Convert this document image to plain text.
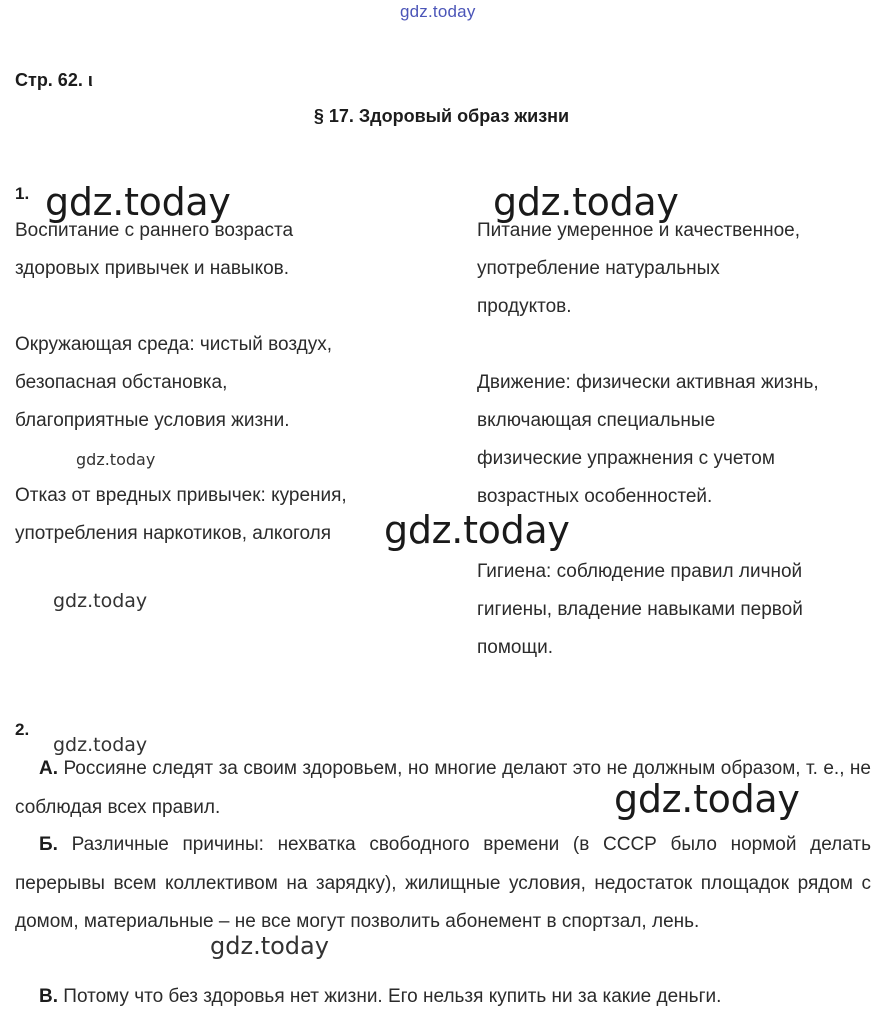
gdz.today
Стр. 62. ι
§ 17. Здоровый образ жизни
1.

Воспитание с раннего возраста

здоровых привычек и навыков.

Окружающая среда: чистый воздух,

безопасная обстановка,

благоприятные условия жизни.

Отказ от вредных привычек: курения,

употребления наркотиков, алкоголя

Питание умеренное и качественное,

употребление натуральных

продуктов.

Движение: физически активная жизнь,

включающая специальные

физические упражнения с учетом

возрастных особенностей.

Гигиена: соблюдение правил личной

гигиены, владение навыками первой

помощи.

2.

А. Россияне следят за своим здоровьем, но многие делают это не должным образом, т. е., не соблюдая всех правил.

Б. Различные причины: нехватка свободного времени (в СССР было нормой делать перерывы всем коллективом на зарядку), жилищные условия, недостаток площадок рядом с домом, материальные – не все могут позволить абонемент в спортзал, лень.

В. Потому что без здоровья нет жизни. Его нельзя купить ни за какие деньги.

gdz.today	gdz.today
gdz.today
gdz.today
gdz.today
gdz.today
gdz.today
gdz.today
